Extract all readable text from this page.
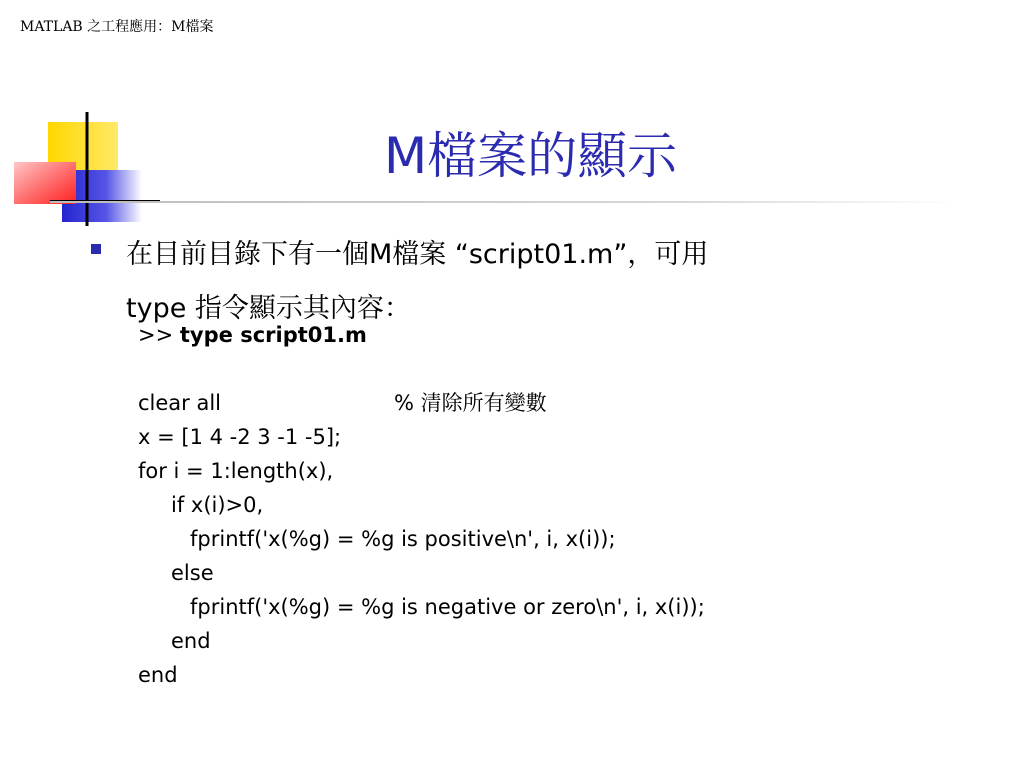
MATLAB 之工程應用：M檔案
M檔案的顯示
在目前目錄下有一個M檔案 “script01.m”，可用
type 指令顯示其內容：
>> type script01.m
clear all	% 清除所有變數
x = [1 4 -2 3 -1 -5];
for i = 1:length(x),
if x(i)>0,
fprintf('x(%g) = %g is positive\n', i, x(i));
else
fprintf('x(%g) = %g is negative or zero\n', i, x(i));
end
end
